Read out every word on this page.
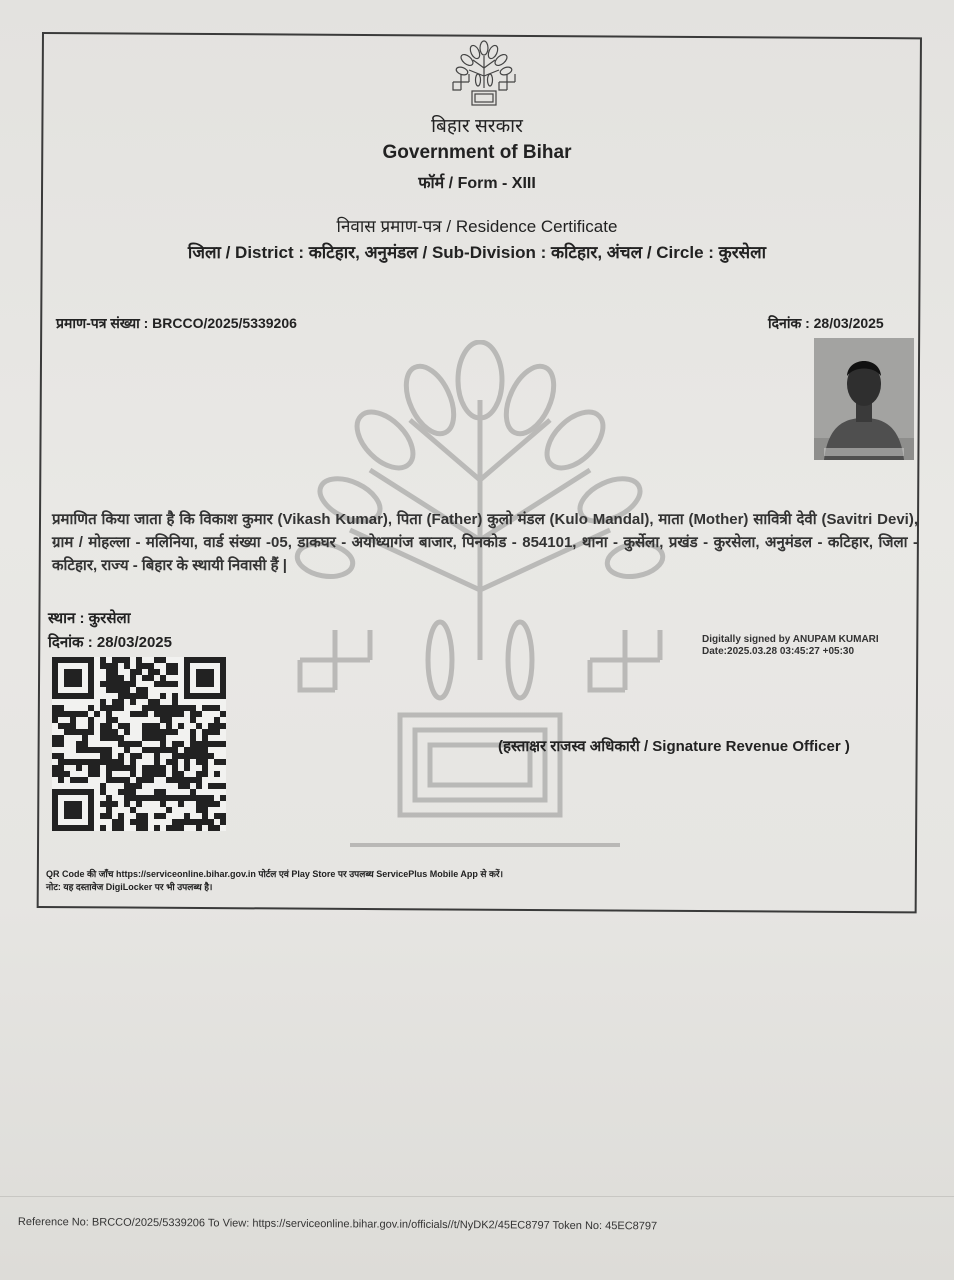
बिहार सरकार
Government of Bihar
फॉर्म / Form - XIII
निवास प्रमाण-पत्र / Residence Certificate
जिला / District : कटिहार, अनुमंडल / Sub-Division : कटिहार, अंचल / Circle : कुरसेला
प्रमाण-पत्र संख्या : BRCCO/2025/5339206	दिनांक : 28/03/2025
प्रमाणित किया जाता है कि विकाश कुमार (Vikash Kumar), पिता (Father) कुलो मंडल (Kulo Mandal), माता (Mother) सावित्री देवी (Savitri Devi), ग्राम / मोहल्ला - मलिनिया, वार्ड संख्या -05, डाकघर - अयोध्यागंज बाजार, पिनकोड - 854101, थाना - कुर्सेला, प्रखंड - कुरसेला, अनुमंडल - कटिहार, जिला - कटिहार, राज्य - बिहार के स्थायी निवासी हैं |
स्थान : कुरसेला
दिनांक : 28/03/2025	Digitally signed by ANUPAM KUMARI
Date:2025.03.28 03:45:27 +05:30
(हस्ताक्षर राजस्व अधिकारी / Signature Revenue Officer )
QR Code की जाँच https://serviceonline.bihar.gov.in पोर्टल एवं Play Store पर उपलब्ध ServicePlus Mobile App से करें।
नोट: यह दस्तावेज DigiLocker पर भी उपलब्ध है।
Reference No: BRCCO/2025/5339206 To View: https://serviceonline.bihar.gov.in/officials//t/NyDK2/45EC8797 Token No: 45EC8797
